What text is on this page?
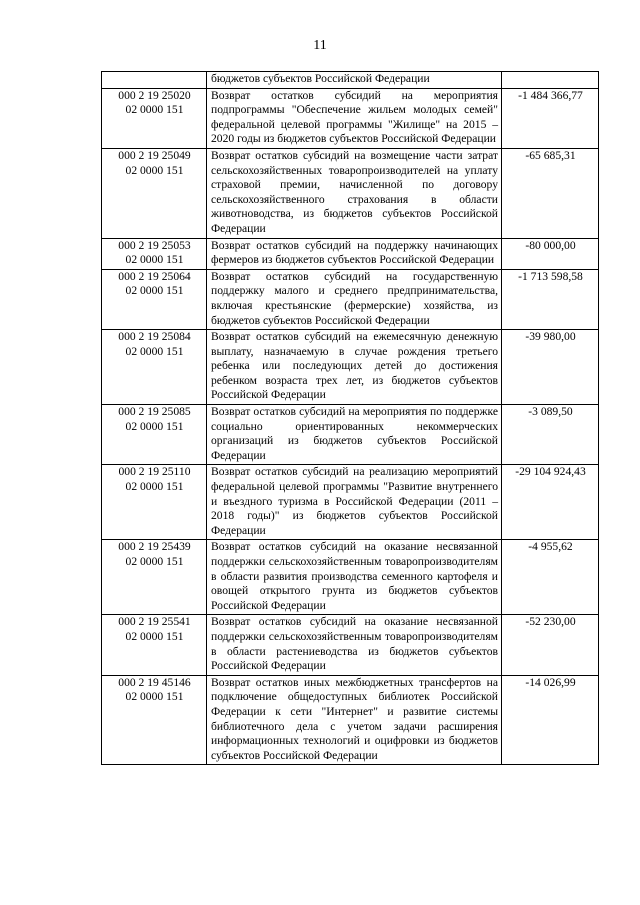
11
	бюджетов субъектов Российской Федерации	
000 2 19 25020
02 0000 151	Возврат остатков субсидий на мероприятия подпрограммы "Обеспечение жильем молодых семей" федеральной целевой программы "Жилище" на 2015 – 2020 годы из бюджетов субъектов Российской Федерации	-1 484 366,77
000 2 19 25049
02 0000 151	Возврат остатков субсидий на возмещение части затрат сельскохозяйственных товаропроизводителей на уплату страховой премии, начисленной по договору сельскохозяйственного страхования в области животноводства, из бюджетов субъектов Российской Федерации	-65 685,31
000 2 19 25053
02 0000 151	Возврат остатков субсидий на поддержку начинающих фермеров из бюджетов субъектов Российской Федерации	-80 000,00
000 2 19 25064
02 0000 151	Возврат остатков субсидий на государственную поддержку малого и среднего предпринимательства, включая крестьянские (фермерские) хозяйства, из бюджетов субъектов Российской Федерации	-1 713 598,58
000 2 19 25084
02 0000 151	Возврат остатков субсидий на ежемесячную денежную выплату, назначаемую в случае рождения третьего ребенка или последующих детей до достижения ребенком возраста трех лет, из бюджетов субъектов Российской Федерации	-39 980,00
000 2 19 25085
02 0000 151	Возврат остатков субсидий на мероприятия по поддержке социально ориентированных некоммерческих организаций из бюджетов субъектов Российской Федерации	-3 089,50
000 2 19 25110
02 0000 151	Возврат остатков субсидий на реализацию мероприятий федеральной целевой программы "Развитие внутреннего и въездного туризма в Российской Федерации (2011 – 2018 годы)" из бюджетов субъектов Российской Федерации	-29 104 924,43
000 2 19 25439
02 0000 151	Возврат остатков субсидий на оказание несвязанной поддержки сельскохозяйственным товаропроизводителям в области развития производства семенного картофеля и овощей открытого грунта из бюджетов субъектов Российской Федерации	-4 955,62
000 2 19 25541
02 0000 151	Возврат остатков субсидий на оказание несвязанной поддержки сельскохозяйственным товаропроизводителям в области растениеводства из бюджетов субъектов Российской Федерации	-52 230,00
000 2 19 45146
02 0000 151	Возврат остатков иных межбюджетных трансфертов на подключение общедоступных библиотек Российской Федерации к сети "Интернет" и развитие системы библиотечного дела с учетом задачи расширения информационных технологий и оцифровки из бюджетов субъектов Российской Федерации	-14 026,99
